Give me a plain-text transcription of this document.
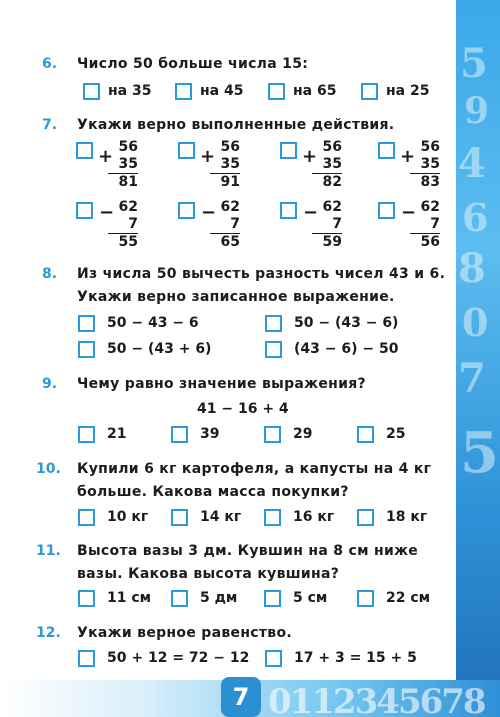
6. Число 50 больше числа 15:
на 35	на 45	на 65	на 25
7. Укажи верно выполненные действия.
+ 56
35
81
+ 56
35
91
+ 56
35
82
+ 56
35
83
− 62
7
55
− 62
7
65
− 62
7
59
− 62
7
56
8. Из числа 50 вычесть разность чисел 43 и 6.
Укажи верно записанное выражение.
50 − 43 − 6	50 − (43 − 6)
50 − (43 + 6)	(43 − 6) − 50
9. Чему равно значение выражения?
41 − 16 + 4
21	39	29	25
10. Купили 6 кг картофеля, а капусты на 4 кг
больше. Какова масса покупки?
10 кг	14 кг	16 кг	18 кг
11. Высота вазы 3 дм. Кувшин на 8 см ниже
вазы. Какова высота кувшина?
11 см	5 дм	5 см	22 см
12. Укажи верное равенство.
50 + 12 = 72 − 12	17 + 3 = 15 + 5
5
9
4
6
8
0
7
5
0112345678
7
